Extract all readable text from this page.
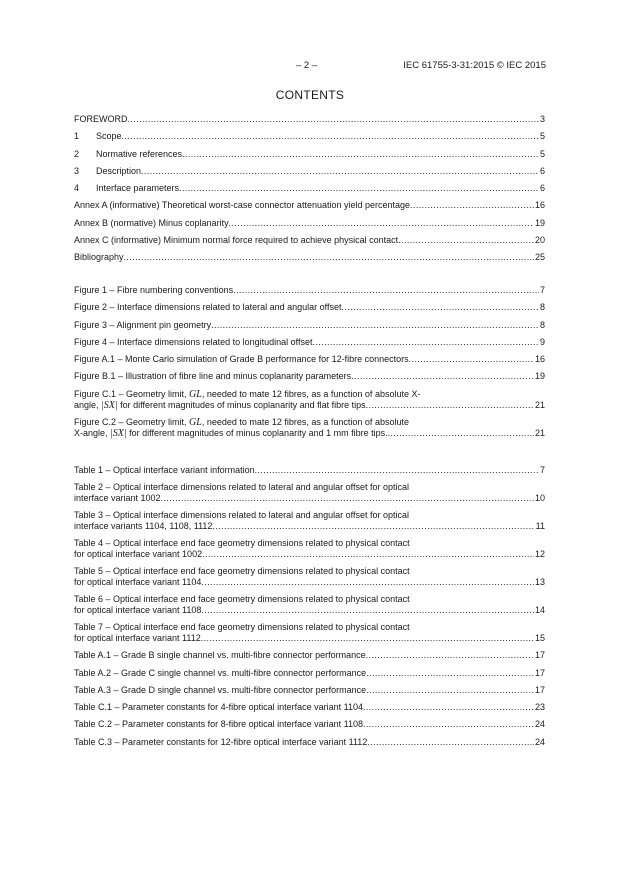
– 2 –	IEC 61755-3-31:2015 © IEC 2015
CONTENTS
FOREWORD .....	3
1	Scope .....	5
2	Normative references .....	5
3	Description .....	6
4	Interface parameters .....	6
Annex A (informative) Theoretical worst-case connector attenuation yield percentage .....	16
Annex B (normative) Minus coplanarity .....	19
Annex C (informative) Minimum normal force required to achieve physical contact .....	20
Bibliography .....	25
Figure 1 – Fibre numbering conventions .....	7
Figure 2 – Interface dimensions related to lateral and angular offset .....	8
Figure 3 – Alignment pin geometry .....	8
Figure 4 – Interface dimensions related to longitudinal offset .....	9
Figure A.1 – Monte Carlo simulation of Grade B performance for 12-fibre connectors .....	16
Figure B.1 – Illustration of fibre line and minus coplanarity parameters .....	19
Figure C.1 – Geometry limit, GL, needed to mate 12 fibres, as a function of absolute X-
angle, |SX| for different magnitudes of minus coplanarity and flat fibre tips .....	21
Figure C.2 – Geometry limit, GL, needed to mate 12 fibres, as a function of absolute
X-angle, |SX| for different magnitudes of minus coplanarity and 1 mm fibre tips. .....	21
Table 1 – Optical interface variant information .....	7
Table 2 – Optical interface dimensions related to lateral and angular offset for optical
interface variant 1002 .....	10
Table 3 – Optical interface dimensions related to lateral and angular offset for optical
interface variants 1104, 1108, 1112 .....	11
Table 4 – Optical interface end face geometry dimensions related to physical contact
for optical interface variant 1002 .....	12
Table 5 – Optical interface end face geometry dimensions related to physical contact
for optical interface variant 1104 .....	13
Table 6 – Optical interface end face geometry dimensions related to physical contact
for optical interface variant 1108 .....	14
Table 7 – Optical interface end face geometry dimensions related to physical contact
for optical interface variant 1112 .....	15
Table A.1 – Grade B single channel vs. multi-fibre connector performance .....	17
Table A.2 – Grade C single channel vs. multi-fibre connector performance .....	17
Table A.3 – Grade D single channel vs. multi-fibre connector performance .....	17
Table C.1 – Parameter constants for 4-fibre optical interface variant 1104 .....	23
Table C.2 – Parameter constants for 8-fibre optical interface variant 1108 .....	24
Table C.3 – Parameter constants for 12-fibre optical interface variant 1112 .....	24
